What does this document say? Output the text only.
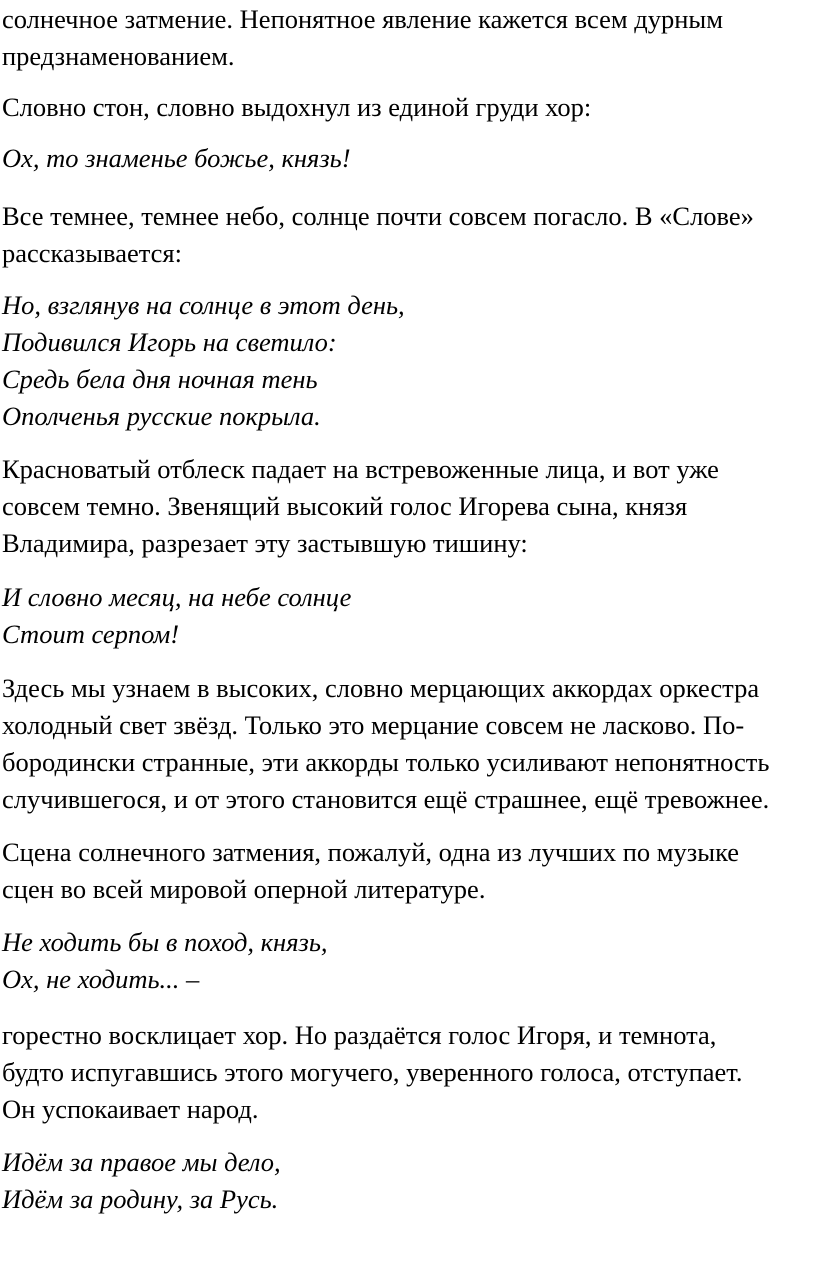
солнечное затмение. Непонятное явление кажется всем дурным
предзнаменованием.
Словно стон, словно выдохнул из единой груди хор:
Ох, то знаменье божье, князь!
Все темнее, темнее небо, солнце почти совсем погасло. В «Слове»
рассказывается:
Но, взглянув на солнце в этот день,
Подивился Игорь на светило:
Средь бела дня ночная тень
Ополченья русские покрыла.
Красноватый отблеск падает на встревоженные лица, и вот уже
совсем темно. Звенящий высокий голос Игорева сына, князя
Владимира, разрезает эту застывшую тишину:
И словно месяц, на небе солнце
Стоит серпом!
Здесь мы узнаем в высоких, словно мерцающих аккордах оркестра
холодный свет звёзд. Только это мерцание совсем не ласково. По-
бородински странные, эти аккорды только усиливают непонятность
случившегося, и от этого становится ещё страшнее, ещё тревожнее.
Сцена солнечного затмения, пожалуй, одна из лучших по музыке
сцен во всей мировой оперной литературе.
Не ходить бы в поход, князь,
Ох, не ходить... –
горестно восклицает хор. Но раздаётся голос Игоря, и темнота,
будто испугавшись этого могучего, уверенного голоса, отступает.
Он успокаивает народ.
Идём за правое мы дело,
Идём за родину, за Русь.
